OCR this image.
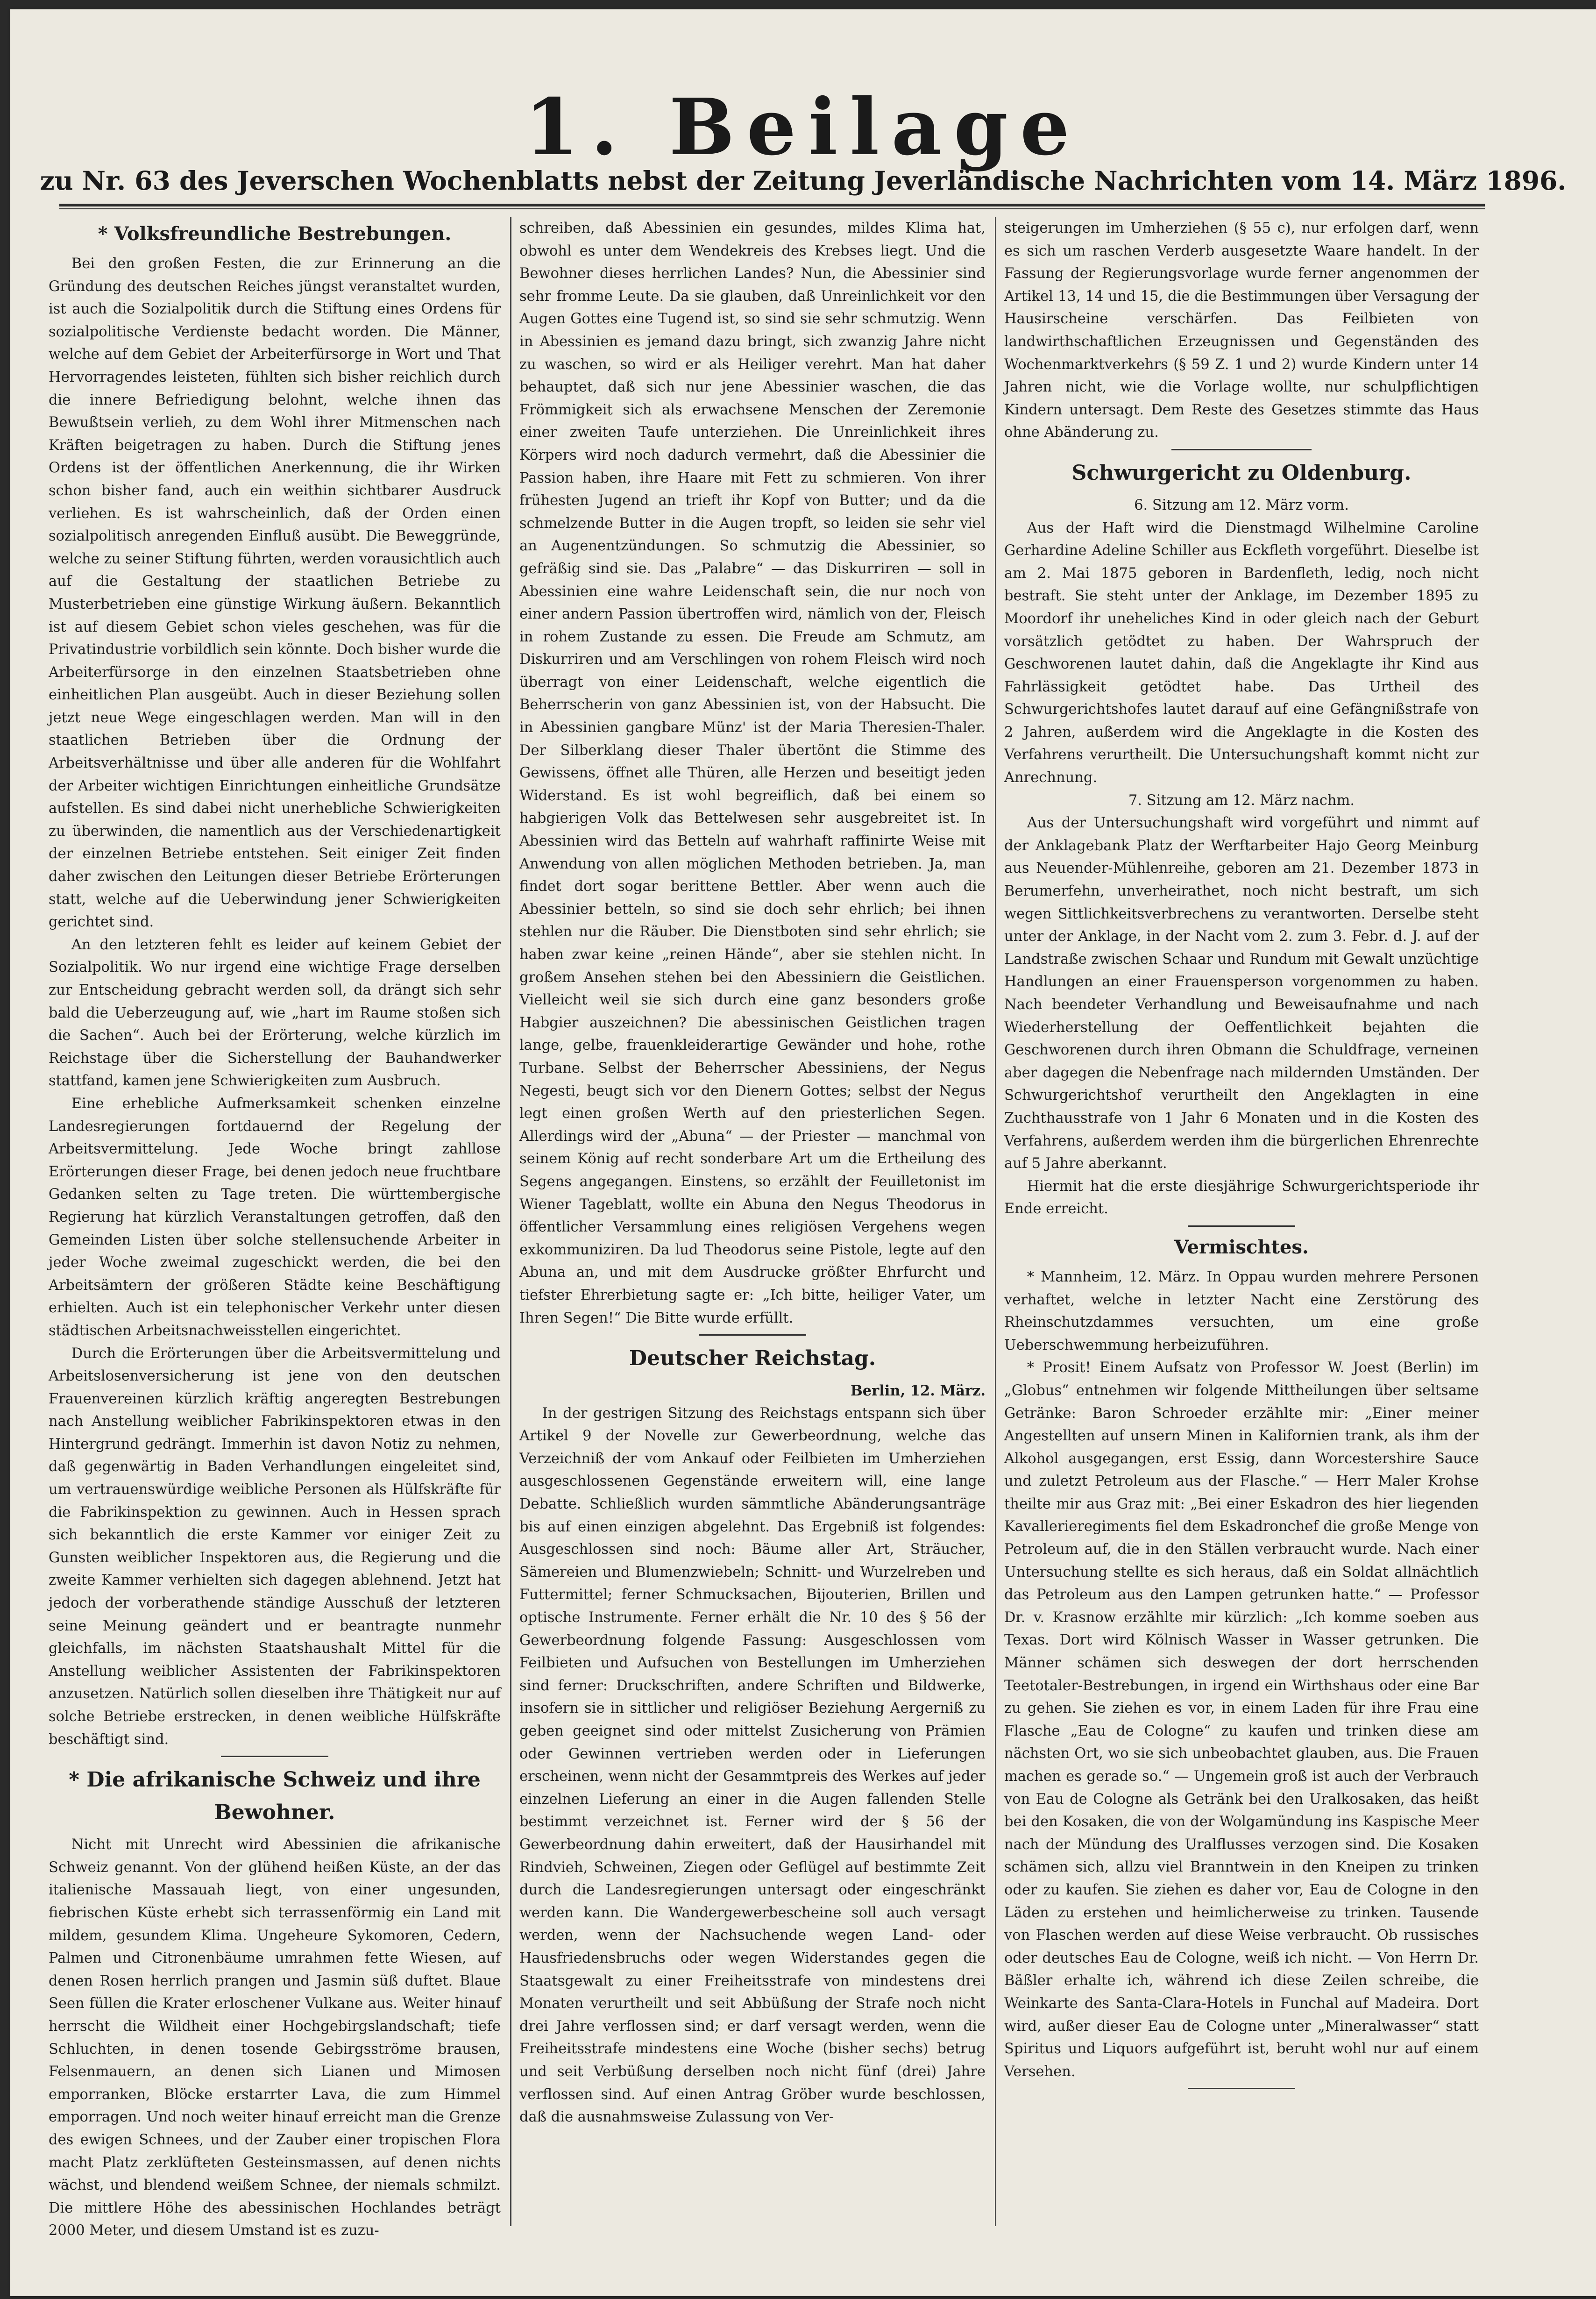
1. Beilage
zu Nr. 63 des Jeverschen Wochenblatts nebst der Zeitung Jeverländische Nachrichten vom 14. März 1896.
* Volksfreundliche Bestrebungen.

Bei den großen Festen, die zur Erinnerung an die Gründung des deutschen Reiches jüngst veranstaltet wurden, ist auch die Sozialpolitik durch die Stiftung eines Ordens für sozialpolitische Verdienste bedacht worden. Die Männer, welche auf dem Gebiet der Arbeiterfürsorge in Wort und That Hervorragendes leisteten, fühlten sich bisher reichlich durch die innere Befriedigung belohnt, welche ihnen das Bewußtsein verlieh, zu dem Wohl ihrer Mitmenschen nach Kräften beigetragen zu haben. Durch die Stiftung jenes Ordens ist der öffentlichen Anerkennung, die ihr Wirken schon bisher fand, auch ein weithin sichtbarer Ausdruck verliehen. Es ist wahrscheinlich, daß der Orden einen sozialpolitisch anregenden Einfluß ausübt. Die Beweggründe, welche zu seiner Stiftung führten, werden vorausichtlich auch auf die Gestaltung der staatlichen Betriebe zu Musterbetrieben eine günstige Wirkung äußern. Bekanntlich ist auf diesem Gebiet schon vieles geschehen, was für die Privatindustrie vorbildlich sein könnte. Doch bisher wurde die Arbeiterfürsorge in den einzelnen Staatsbetrieben ohne einheitlichen Plan ausgeübt. Auch in dieser Beziehung sollen jetzt neue Wege eingeschlagen werden. Man will in den staatlichen Betrieben über die Ordnung der Arbeitsverhältnisse und über alle anderen für die Wohlfahrt der Arbeiter wichtigen Einrichtungen einheitliche Grundsätze aufstellen. Es sind dabei nicht unerhebliche Schwierigkeiten zu überwinden, die namentlich aus der Verschiedenartigkeit der einzelnen Betriebe entstehen. Seit einiger Zeit finden daher zwischen den Leitungen dieser Betriebe Erörterungen statt, welche auf die Ueberwindung jener Schwierigkeiten gerichtet sind.

An den letzteren fehlt es leider auf keinem Gebiet der Sozialpolitik. Wo nur irgend eine wichtige Frage derselben zur Entscheidung gebracht werden soll, da drängt sich sehr bald die Ueberzeugung auf, wie „hart im Raume stoßen sich die Sachen“. Auch bei der Erörterung, welche kürzlich im Reichstage über die Sicherstellung der Bauhandwerker stattfand, kamen jene Schwierigkeiten zum Ausbruch.

Eine erhebliche Aufmerksamkeit schenken einzelne Landesregierungen fortdauernd der Regelung der Arbeitsvermittelung. Jede Woche bringt zahllose Erörterungen dieser Frage, bei denen jedoch neue fruchtbare Gedanken selten zu Tage treten. Die württembergische Regierung hat kürzlich Veranstaltungen getroffen, daß den Gemeinden Listen über solche stellensuchende Arbeiter in jeder Woche zweimal zugeschickt werden, die bei den Arbeitsämtern der größeren Städte keine Beschäftigung erhielten. Auch ist ein telephonischer Verkehr unter diesen städtischen Arbeitsnachweisstellen eingerichtet.

Durch die Erörterungen über die Arbeitsvermittelung und Arbeitslosenversicherung ist jene von den deutschen Frauenvereinen kürzlich kräftig angeregten Bestrebungen nach Anstellung weiblicher Fabrikinspektoren etwas in den Hintergrund gedrängt. Immerhin ist davon Notiz zu nehmen, daß gegenwärtig in Baden Verhandlungen eingeleitet sind, um vertrauenswürdige weibliche Personen als Hülfskräfte für die Fabrikinspektion zu gewinnen. Auch in Hessen sprach sich bekanntlich die erste Kammer vor einiger Zeit zu Gunsten weiblicher Inspektoren aus, die Regierung und die zweite Kammer verhielten sich dagegen ablehnend. Jetzt hat jedoch der vorberathende ständige Ausschuß der letzteren seine Meinung geändert und er beantragte nunmehr gleichfalls, im nächsten Staatshaushalt Mittel für die Anstellung weiblicher Assistenten der Fabrikinspektoren anzusetzen. Natürlich sollen dieselben ihre Thätigkeit nur auf solche Betriebe erstrecken, in denen weibliche Hülfskräfte beschäftigt sind.

* Die afrikanische Schweiz und ihre Bewohner.

Nicht mit Unrecht wird Abessinien die afrikanische Schweiz genannt. Von der glühend heißen Küste, an der das italienische Massauah liegt, von einer ungesunden, fiebrischen Küste erhebt sich terrassenförmig ein Land mit mildem, gesundem Klima. Ungeheure Sykomoren, Cedern, Palmen und Citronenbäume umrahmen fette Wiesen, auf denen Rosen herrlich prangen und Jasmin süß duftet. Blaue Seen füllen die Krater erloschener Vulkane aus. Weiter hinauf herrscht die Wildheit einer Hochgebirgslandschaft; tiefe Schluchten, in denen tosende Gebirgsströme brausen, Felsenmauern, an denen sich Lianen und Mimosen emporranken, Blöcke erstarrter Lava, die zum Himmel emporragen. Und noch weiter hinauf erreicht man die Grenze des ewigen Schnees, und der Zauber einer tropischen Flora macht Platz zerklüfteten Gesteinsmassen, auf denen nichts wächst, und blendend weißem Schnee, der niemals schmilzt. Die mittlere Höhe des abessinischen Hochlandes beträgt 2000 Meter, und diesem Umstand ist es zuzu-

schreiben, daß Abessinien ein gesundes, mildes Klima hat, obwohl es unter dem Wendekreis des Krebses liegt. Und die Bewohner dieses herrlichen Landes? Nun, die Abessinier sind sehr fromme Leute. Da sie glauben, daß Unreinlichkeit vor den Augen Gottes eine Tugend ist, so sind sie sehr schmutzig. Wenn in Abessinien es jemand dazu bringt, sich zwanzig Jahre nicht zu waschen, so wird er als Heiliger verehrt. Man hat daher behauptet, daß sich nur jene Abessinier waschen, die das Frömmigkeit sich als erwachsene Menschen der Zeremonie einer zweiten Taufe unterziehen. Die Unreinlichkeit ihres Körpers wird noch dadurch vermehrt, daß die Abessinier die Passion haben, ihre Haare mit Fett zu schmieren. Von ihrer frühesten Jugend an trieft ihr Kopf von Butter; und da die schmelzende Butter in die Augen tropft, so leiden sie sehr viel an Augenentzündungen. So schmutzig die Abessinier, so gefräßig sind sie. Das „Palabre“ — das Diskurriren — soll in Abessinien eine wahre Leidenschaft sein, die nur noch von einer andern Passion übertroffen wird, nämlich von der, Fleisch in rohem Zustande zu essen. Die Freude am Schmutz, am Diskurriren und am Verschlingen von rohem Fleisch wird noch überragt von einer Leidenschaft, welche eigentlich die Beherrscherin von ganz Abessinien ist, von der Habsucht. Die in Abessinien gangbare Münz' ist der Maria Theresien-Thaler. Der Silberklang dieser Thaler übertönt die Stimme des Gewissens, öffnet alle Thüren, alle Herzen und beseitigt jeden Widerstand. Es ist wohl begreiflich, daß bei einem so habgierigen Volk das Bettelwesen sehr ausgebreitet ist. In Abessinien wird das Betteln auf wahrhaft raffinirte Weise mit Anwendung von allen möglichen Methoden betrieben. Ja, man findet dort sogar berittene Bettler. Aber wenn auch die Abessinier betteln, so sind sie doch sehr ehrlich; bei ihnen stehlen nur die Räuber. Die Dienstboten sind sehr ehrlich; sie haben zwar keine „reinen Hände“, aber sie stehlen nicht. In großem Ansehen stehen bei den Abessiniern die Geistlichen. Vielleicht weil sie sich durch eine ganz besonders große Habgier auszeichnen? Die abessinischen Geistlichen tragen lange, gelbe, frauenkleiderartige Gewänder und hohe, rothe Turbane. Selbst der Beherrscher Abessiniens, der Negus Negesti, beugt sich vor den Dienern Gottes; selbst der Negus legt einen großen Werth auf den priesterlichen Segen. Allerdings wird der „Abuna“ — der Priester — manchmal von seinem König auf recht sonderbare Art um die Ertheilung des Segens angegangen. Einstens, so erzählt der Feuilletonist im Wiener Tageblatt, wollte ein Abuna den Negus Theodorus in öffentlicher Versammlung eines religiösen Vergehens wegen exkommuniziren. Da lud Theodorus seine Pistole, legte auf den Abuna an, und mit dem Ausdrucke größter Ehrfurcht und tiefster Ehrerbietung sagte er: „Ich bitte, heiliger Vater, um Ihren Segen!“ Die Bitte wurde erfüllt.

Deutscher Reichstag.

Berlin, 12. März.

In der gestrigen Sitzung des Reichstags entspann sich über Artikel 9 der Novelle zur Gewerbeordnung, welche das Verzeichniß der vom Ankauf oder Feilbieten im Umherziehen ausgeschlossenen Gegenstände erweitern will, eine lange Debatte. Schließlich wurden sämmtliche Abänderungsanträge bis auf einen einzigen abgelehnt. Das Ergebniß ist folgendes: Ausgeschlossen sind noch: Bäume aller Art, Sträucher, Sämereien und Blumenzwiebeln; Schnitt- und Wurzelreben und Futtermittel; ferner Schmucksachen, Bijouterien, Brillen und optische Instrumente. Ferner erhält die Nr. 10 des § 56 der Gewerbeordnung folgende Fassung: Ausgeschlossen vom Feilbieten und Aufsuchen von Bestellungen im Umherziehen sind ferner: Druckschriften, andere Schriften und Bildwerke, insofern sie in sittlicher und religiöser Beziehung Aergerniß zu geben geeignet sind oder mittelst Zusicherung von Prämien oder Gewinnen vertrieben werden oder in Lieferungen erscheinen, wenn nicht der Gesammtpreis des Werkes auf jeder einzelnen Lieferung an einer in die Augen fallenden Stelle bestimmt verzeichnet ist. Ferner wird der § 56 der Gewerbeordnung dahin erweitert, daß der Hausirhandel mit Rindvieh, Schweinen, Ziegen oder Geflügel auf bestimmte Zeit durch die Landesregierungen untersagt oder eingeschränkt werden kann. Die Wandergewerbescheine soll auch versagt werden, wenn der Nachsuchende wegen Land- oder Hausfriedensbruchs oder wegen Widerstandes gegen die Staatsgewalt zu einer Freiheitsstrafe von mindestens drei Monaten verurtheilt und seit Abbüßung der Strafe noch nicht drei Jahre verflossen sind; er darf versagt werden, wenn die Freiheitsstrafe mindestens eine Woche (bisher sechs) betrug und seit Verbüßung derselben noch nicht fünf (drei) Jahre verflossen sind. Auf einen Antrag Gröber wurde beschlossen, daß die ausnahmsweise Zulassung von Ver-

steigerungen im Umherziehen (§ 55 c), nur erfolgen darf, wenn es sich um raschen Verderb ausgesetzte Waare handelt. In der Fassung der Regierungsvorlage wurde ferner angenommen der Artikel 13, 14 und 15, die die Bestimmungen über Versagung der Hausirscheine verschärfen. Das Feilbieten von landwirthschaftlichen Erzeugnissen und Gegenständen des Wochenmarktverkehrs (§ 59 Z. 1 und 2) wurde Kindern unter 14 Jahren nicht, wie die Vorlage wollte, nur schulpflichtigen Kindern untersagt. Dem Reste des Gesetzes stimmte das Haus ohne Abänderung zu.

Schwurgericht zu Oldenburg.

6. Sitzung am 12. März vorm.

Aus der Haft wird die Dienstmagd Wilhelmine Caroline Gerhardine Adeline Schiller aus Eckfleth vorgeführt. Dieselbe ist am 2. Mai 1875 geboren in Bardenfleth, ledig, noch nicht bestraft. Sie steht unter der Anklage, im Dezember 1895 zu Moordorf ihr uneheliches Kind in oder gleich nach der Geburt vorsätzlich getödtet zu haben. Der Wahrspruch der Geschworenen lautet dahin, daß die Angeklagte ihr Kind aus Fahrlässigkeit getödtet habe. Das Urtheil des Schwurgerichtshofes lautet darauf auf eine Gefängnißstrafe von 2 Jahren, außerdem wird die Angeklagte in die Kosten des Verfahrens verurtheilt. Die Untersuchungshaft kommt nicht zur Anrechnung.

7. Sitzung am 12. März nachm.

Aus der Untersuchungshaft wird vorgeführt und nimmt auf der Anklagebank Platz der Werftarbeiter Hajo Georg Meinburg aus Neuender-Mühlenreihe, geboren am 21. Dezember 1873 in Berumerfehn, unverheirathet, noch nicht bestraft, um sich wegen Sittlichkeitsverbrechens zu verantworten. Derselbe steht unter der Anklage, in der Nacht vom 2. zum 3. Febr. d. J. auf der Landstraße zwischen Schaar und Rundum mit Gewalt unzüchtige Handlungen an einer Frauensperson vorgenommen zu haben. Nach beendeter Verhandlung und Beweisaufnahme und nach Wiederherstellung der Oeffentlichkeit bejahten die Geschworenen durch ihren Obmann die Schuldfrage, verneinen aber dagegen die Nebenfrage nach mildernden Umständen. Der Schwurgerichtshof verurtheilt den Angeklagten in eine Zuchthausstrafe von 1 Jahr 6 Monaten und in die Kosten des Verfahrens, außerdem werden ihm die bürgerlichen Ehrenrechte auf 5 Jahre aberkannt.

Hiermit hat die erste diesjährige Schwurgerichtsperiode ihr Ende erreicht.

Vermischtes.

* Mannheim, 12. März. In Oppau wurden mehrere Personen verhaftet, welche in letzter Nacht eine Zerstörung des Rheinschutzdammes versuchten, um eine große Ueberschwemmung herbeizuführen.

* Prosit! Einem Aufsatz von Professor W. Joest (Berlin) im „Globus“ entnehmen wir folgende Mittheilungen über seltsame Getränke: Baron Schroeder erzählte mir: „Einer meiner Angestellten auf unsern Minen in Kalifornien trank, als ihm der Alkohol ausgegangen, erst Essig, dann Worcestershire Sauce und zuletzt Petroleum aus der Flasche.“ — Herr Maler Krohse theilte mir aus Graz mit: „Bei einer Eskadron des hier liegenden Kavallerieregiments fiel dem Eskadronchef die große Menge von Petroleum auf, die in den Ställen verbraucht wurde. Nach einer Untersuchung stellte es sich heraus, daß ein Soldat allnächtlich das Petroleum aus den Lampen getrunken hatte.“ — Professor Dr. v. Krasnow erzählte mir kürzlich: „Ich komme soeben aus Texas. Dort wird Kölnisch Wasser in Wasser getrunken. Die Männer schämen sich deswegen der dort herrschenden Teetotaler-Bestrebungen, in irgend ein Wirthshaus oder eine Bar zu gehen. Sie ziehen es vor, in einem Laden für ihre Frau eine Flasche „Eau de Cologne“ zu kaufen und trinken diese am nächsten Ort, wo sie sich unbeobachtet glauben, aus. Die Frauen machen es gerade so.“ — Ungemein groß ist auch der Verbrauch von Eau de Cologne als Getränk bei den Uralkosaken, das heißt bei den Kosaken, die von der Wolgamündung ins Kaspische Meer nach der Mündung des Uralflusses verzogen sind. Die Kosaken schämen sich, allzu viel Branntwein in den Kneipen zu trinken oder zu kaufen. Sie ziehen es daher vor, Eau de Cologne in den Läden zu erstehen und heimlicherweise zu trinken. Tausende von Flaschen werden auf diese Weise verbraucht. Ob russisches oder deutsches Eau de Cologne, weiß ich nicht. — Von Herrn Dr. Bäßler erhalte ich, während ich diese Zeilen schreibe, die Weinkarte des Santa-Clara-Hotels in Funchal auf Madeira. Dort wird, außer dieser Eau de Cologne unter „Mineralwasser“ statt Spiritus und Liquors aufgeführt ist, beruht wohl nur auf einem Versehen.
